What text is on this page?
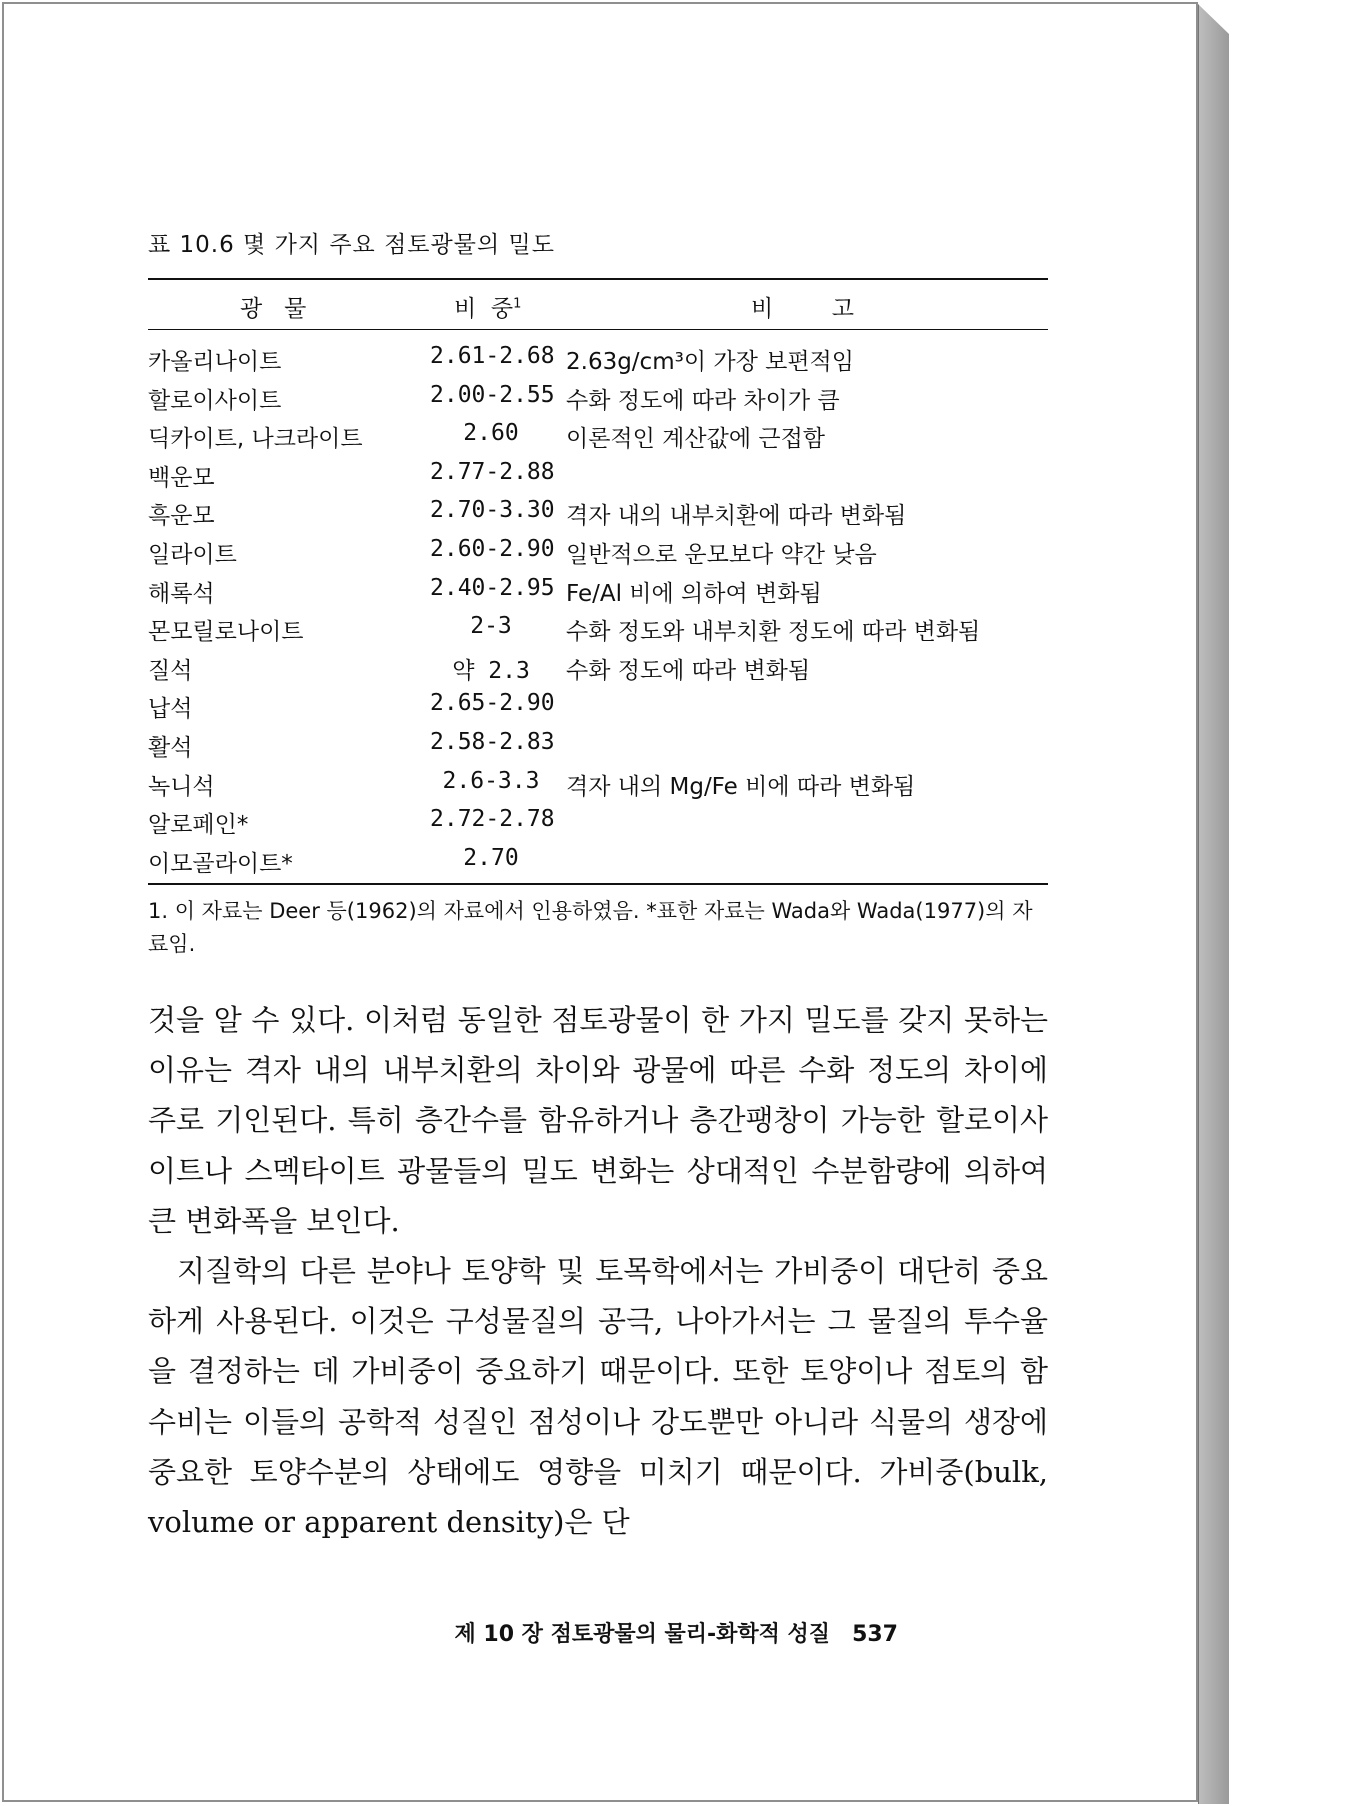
표 10.6 몇 가지 주요 점토광물의 밀도
광   물	비  중$^1$	비        고
카올리나이트	2.61-2.68 2.63g/cm³이 가장 보편적임
할로이사이트	2.00-2.55 수화 정도에 따라 차이가 큼
딕카이트, 나크라이트	2.60	이론적인 계산값에 근접함
백운모	2.77-2.88
흑운모	2.70-3.30 격자 내의 내부치환에 따라 변화됨
일라이트	2.60-2.90 일반적으로 운모보다 약간 낮음
해록석	2.40-2.95 Fe/Al 비에 의하여 변화됨
몬모릴로나이트	2-3	수화 정도와 내부치환 정도에 따라 변화됨
질석	약 2.3	수화 정도에 따라 변화됨
납석	2.65-2.90
활석	2.58-2.83
녹니석	2.6-3.3	격자 내의 Mg/Fe 비에 따라 변화됨
알로페인*	2.72-2.78
이모골라이트*	2.70
1. 이 자료는 Deer 등(1962)의 자료에서 인용하였음. *표한 자료는 Wada와 Wada(1977)의 자료임.

것을 알 수 있다. 이처럼 동일한 점토광물이 한 가지 밀도를 갖지 못하는 이유는 격자 내의 내부치환의 차이와 광물에 따른 수화 정도의 차이에 주로 기인된다. 특히 층간수를 함유하거나 층간팽창이 가능한 할로이사이트나 스멕타이트 광물들의 밀도 변화는 상대적인 수분함량에 의하여 큰 변화폭을 보인다.

지질학의 다른 분야나 토양학 및 토목학에서는 가비중이 대단히 중요하게 사용된다. 이것은 구성물질의 공극, 나아가서는 그 물질의 투수율을 결정하는 데 가비중이 중요하기 때문이다. 또한 토양이나 점토의 함수비는 이들의 공학적 성질인 점성이나 강도뿐만 아니라 식물의 생장에 중요한 토양수분의 상태에도 영향을 미치기 때문이다. 가비중(bulk, volume or apparent density)은 단

제 10 장 점토광물의 물리-화학적 성질 537
